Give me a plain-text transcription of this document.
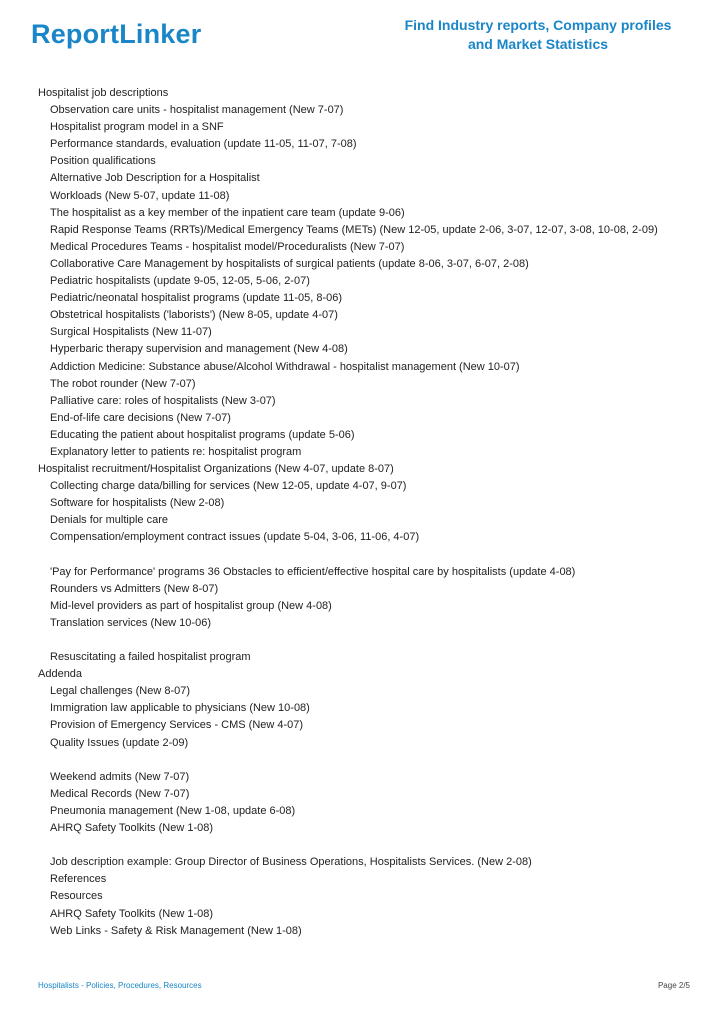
ReportLinker	Find Industry reports, Company profiles
and Market Statistics
Hospitalist job descriptions
Observation care units - hospitalist management (New 7-07)
Hospitalist program model in a SNF
Performance standards, evaluation (update 11-05, 11-07, 7-08)
Position qualifications
Alternative Job Description for a Hospitalist
Workloads (New 5-07, update 11-08)
The hospitalist as a key member of the inpatient care team (update 9-06)
Rapid Response Teams (RRTs)/Medical Emergency Teams (METs) (New 12-05, update 2-06, 3-07, 12-07, 3-08, 10-08, 2-09)
Medical Procedures Teams - hospitalist model/Proceduralists (New 7-07)
Collaborative Care Management by hospitalists of surgical patients (update 8-06, 3-07, 6-07, 2-08)
Pediatric hospitalists (update 9-05, 12-05, 5-06, 2-07)
Pediatric/neonatal hospitalist programs (update 11-05, 8-06)
Obstetrical hospitalists ('laborists') (New 8-05, update 4-07)
Surgical Hospitalists (New 11-07)
Hyperbaric therapy supervision and management (New 4-08)
Addiction Medicine: Substance abuse/Alcohol Withdrawal - hospitalist management (New 10-07)
The robot rounder (New 7-07)
Palliative care: roles of hospitalists (New 3-07)
End-of-life care decisions (New 7-07)
Educating the patient about hospitalist programs (update 5-06)
Explanatory letter to patients re: hospitalist program
Hospitalist recruitment/Hospitalist Organizations (New 4-07, update 8-07)
Collecting charge data/billing for services (New 12-05, update 4-07, 9-07)
Software for hospitalists (New 2-08)
Denials for multiple care
Compensation/employment contract issues (update 5-04, 3-06, 11-06, 4-07)
'Pay for Performance' programs 36 Obstacles to efficient/effective hospital care by hospitalists (update 4-08)
Rounders vs Admitters (New 8-07)
Mid-level providers as part of hospitalist group (New 4-08)
Translation services (New 10-06)
Resuscitating a failed hospitalist program
Addenda
Legal challenges (New 8-07)
Immigration law applicable to physicians (New 10-08)
Provision of Emergency Services - CMS (New 4-07)
Quality Issues (update 2-09)
Weekend admits (New 7-07)
Medical Records (New 7-07)
Pneumonia management (New 1-08, update 6-08)
AHRQ Safety Toolkits (New 1-08)
Job description example: Group Director of Business Operations, Hospitalists Services. (New 2-08)
References
Resources
AHRQ Safety Toolkits (New 1-08)
Web Links - Safety & Risk Management (New 1-08)
Hospitalists - Policies, Procedures, Resources	Page 2/5
